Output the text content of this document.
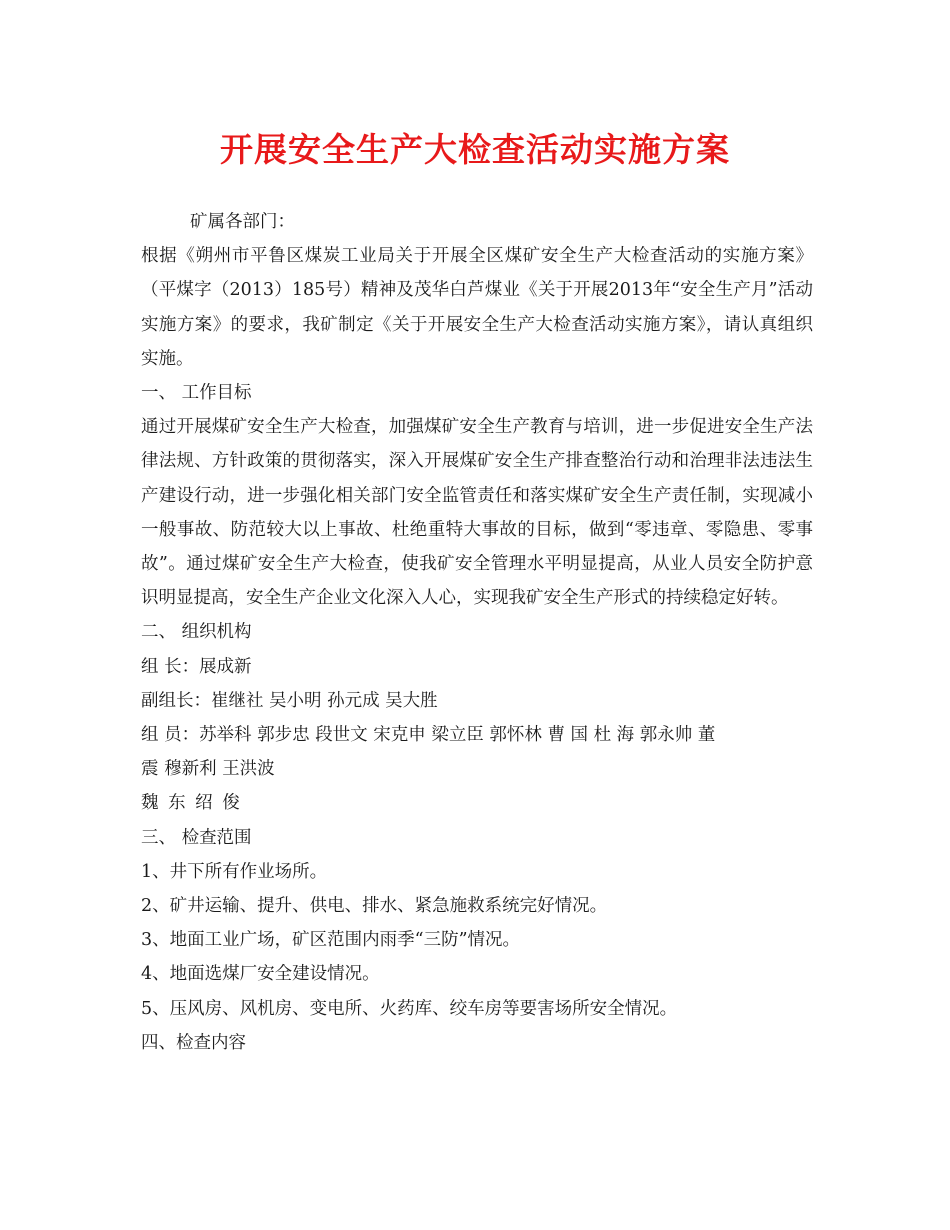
开展安全生产大检查活动实施方案

矿属各部门：

根据《朔州市平鲁区煤炭工业局关于开展全区煤矿安全生产大检查活动的实施方案》（平煤字（2013）185号）精神及茂华白芦煤业《关于开展2013年“安全生产月”活动实施方案》的要求，我矿制定《关于开展安全生产大检查活动实施方案》，请认真组织实施。

一、 工作目标

通过开展煤矿安全生产大检查，加强煤矿安全生产教育与培训，进一步促进安全生产法律法规、方针政策的贯彻落实，深入开展煤矿安全生产排查整治行动和治理非法违法生产建设行动，进一步强化相关部门安全监管责任和落实煤矿安全生产责任制，实现减小一般事故、防范较大以上事故、杜绝重特大事故的目标，做到“零违章、零隐患、零事故”。通过煤矿安全生产大检查，使我矿安全管理水平明显提高，从业人员安全防护意识明显提高，安全生产企业文化深入人心，实现我矿安全生产形式的持续稳定好转。

二、 组织机构

组 长：展成新

副组长：崔继社 吴小明 孙元成 吴大胜

组 员：苏举科 郭步忠 段世文 宋克申 梁立臣 郭怀林 曹 国 杜 海 郭永帅 董

震 穆新利 王洪波

魏 东 绍 俊

三、 检查范围

1、井下所有作业场所。

2、矿井运输、提升、供电、排水、紧急施救系统完好情况。

3、地面工业广场，矿区范围内雨季“三防”情况。

4、地面选煤厂安全建设情况。

5、压风房、风机房、变电所、火药库、绞车房等要害场所安全情况。

四、检查内容
